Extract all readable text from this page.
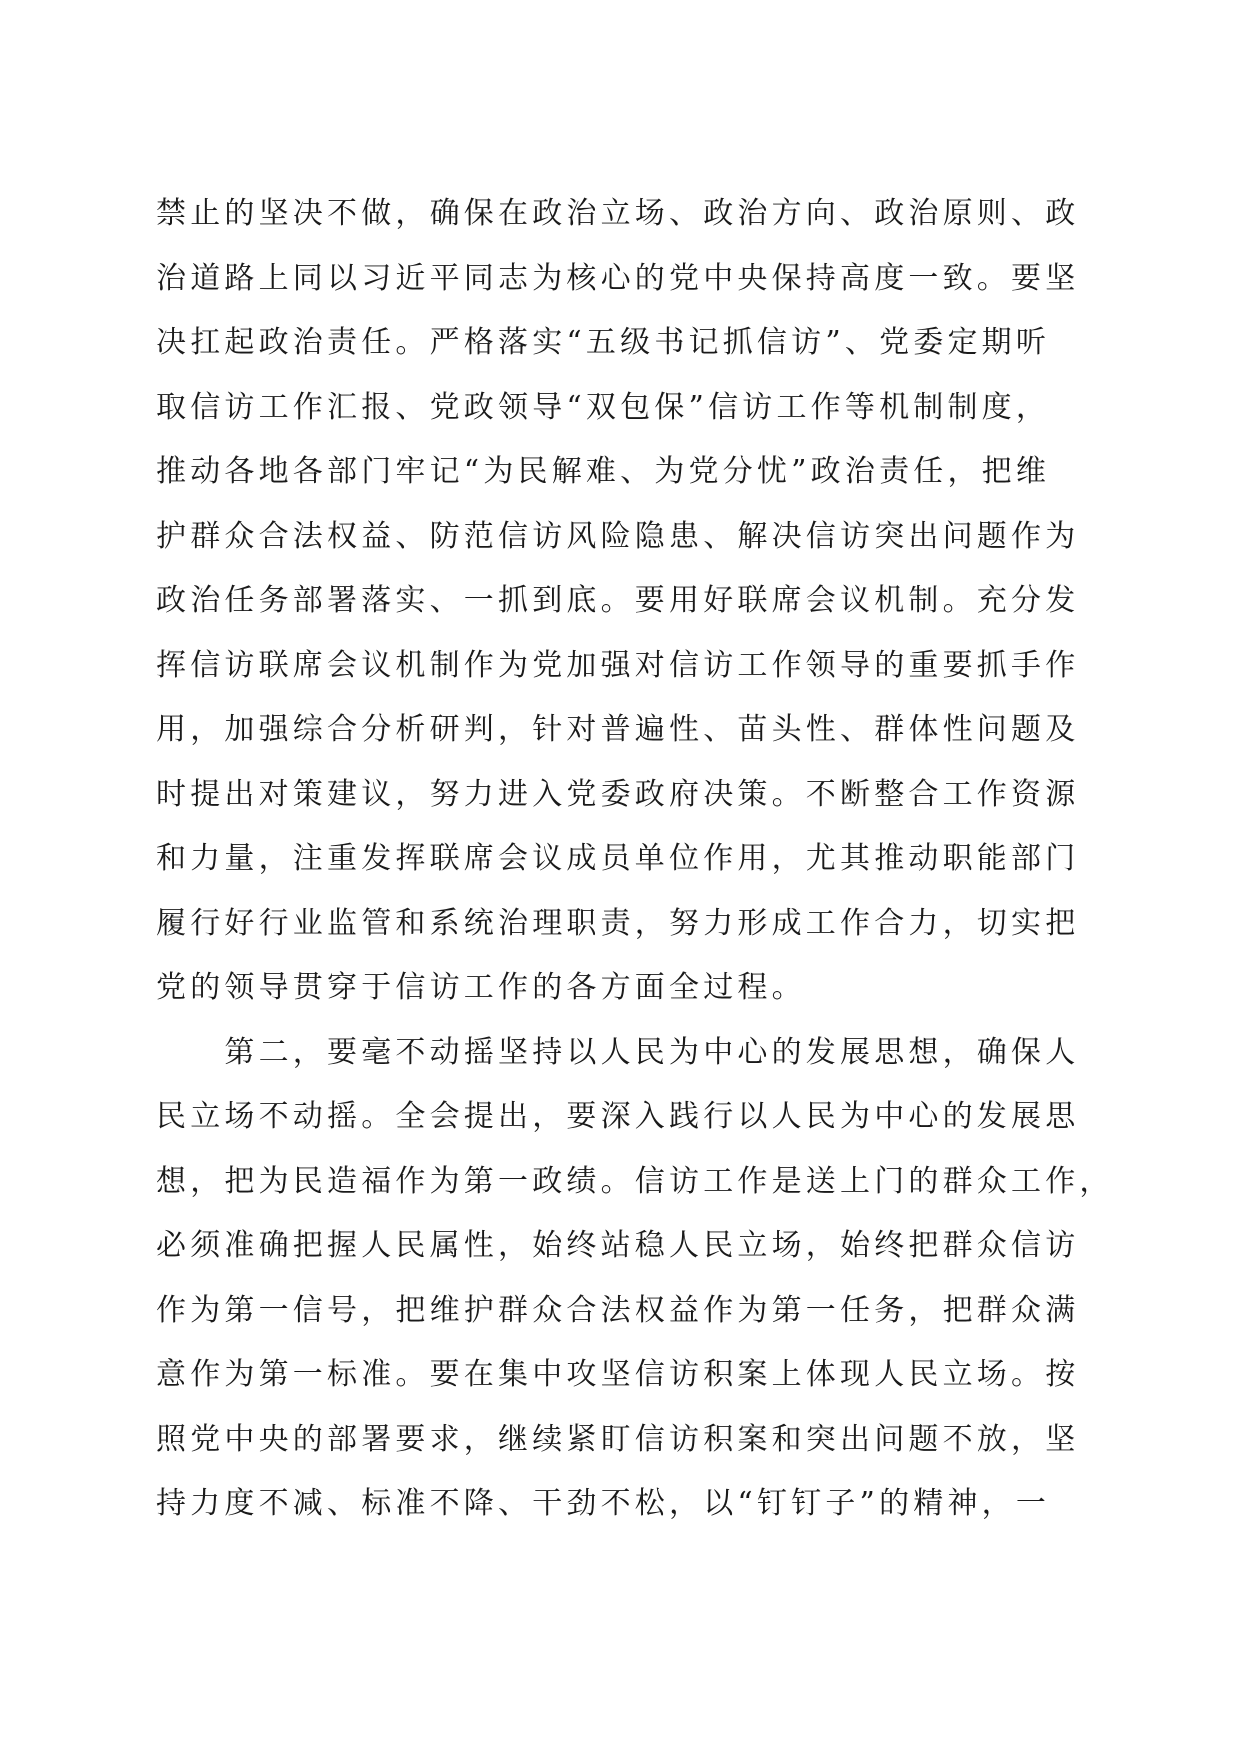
禁止的坚决不做，确保在政治立场、政治方向、政治原则、政
治道路上同以习近平同志为核心的党中央保持高度一致。要坚
决扛起政治责任。严格落实“五级书记抓信访”、党委定期听
取信访工作汇报、党政领导“双包保”信访工作等机制制度，
推动各地各部门牢记“为民解难、为党分忧”政治责任，把维
护群众合法权益、防范信访风险隐患、解决信访突出问题作为
政治任务部署落实、一抓到底。要用好联席会议机制。充分发
挥信访联席会议机制作为党加强对信访工作领导的重要抓手作
用，加强综合分析研判，针对普遍性、苗头性、群体性问题及
时提出对策建议，努力进入党委政府决策。不断整合工作资源
和力量，注重发挥联席会议成员单位作用，尤其推动职能部门
履行好行业监管和系统治理职责，努力形成工作合力，切实把
党的领导贯穿于信访工作的各方面全过程。
　　第二，要毫不动摇坚持以人民为中心的发展思想，确保人
民立场不动摇。全会提出，要深入践行以人民为中心的发展思
想，把为民造福作为第一政绩。信访工作是送上门的群众工作，
必须准确把握人民属性，始终站稳人民立场，始终把群众信访
作为第一信号，把维护群众合法权益作为第一任务，把群众满
意作为第一标准。要在集中攻坚信访积案上体现人民立场。按
照党中央的部署要求，继续紧盯信访积案和突出问题不放，坚
持力度不减、标准不降、干劲不松，以“钉钉子”的精神，一
